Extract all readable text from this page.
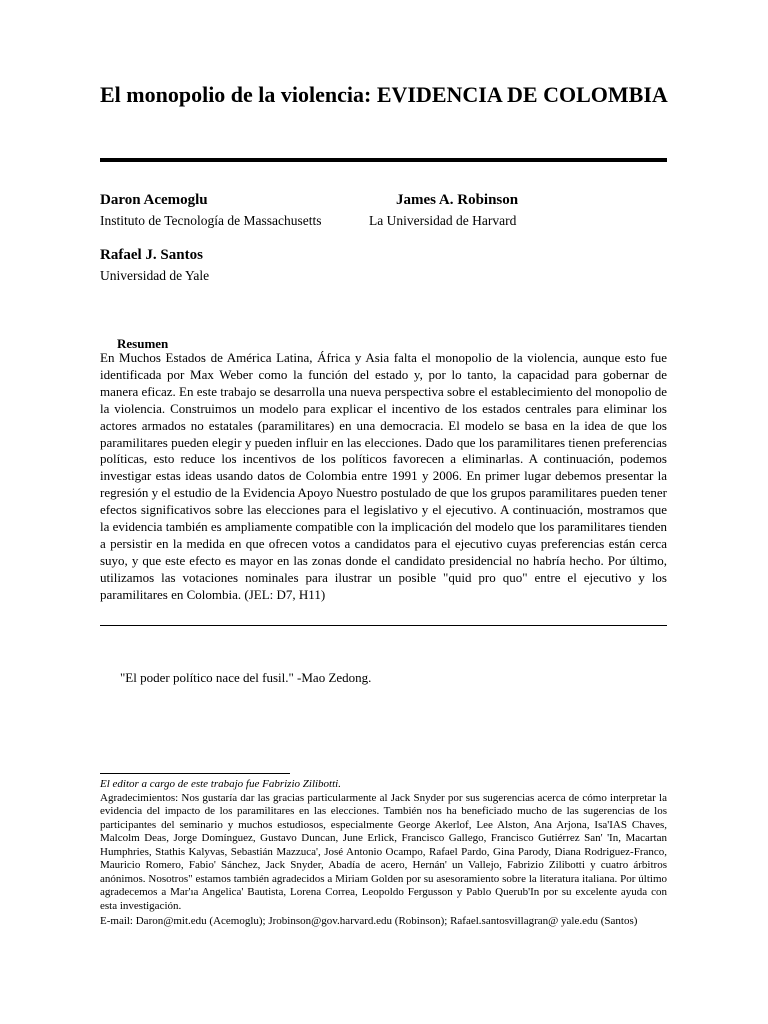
El monopolio de la violencia: EVIDENCIA DE COLOMBIA
Daron Acemoglu	James A. Robinson
Instituto de Tecnología de Massachusetts	La Universidad de Harvard
Rafael J. Santos
Universidad de Yale
Resumen

En Muchos Estados de América Latina, África y Asia falta el monopolio de la violencia, aunque esto fue identificada por Max Weber como la función del estado y, por lo tanto, la capacidad para gobernar de manera eficaz. En este trabajo se desarrolla una nueva perspectiva sobre el establecimiento del monopolio de la violencia. Construimos un modelo para explicar el incentivo de los estados centrales para eliminar los actores armados no estatales (paramilitares) en una democracia. El modelo se basa en la idea de que los paramilitares pueden elegir y pueden influir en las elecciones. Dado que los paramilitares tienen preferencias políticas, esto reduce los incentivos de los políticos favorecen a eliminarlas. A continuación, podemos investigar estas ideas usando datos de Colombia entre 1991 y 2006. En primer lugar debemos presentar la regresión y el estudio de la Evidencia Apoyo Nuestro postulado de que los grupos paramilitares pueden tener efectos significativos sobre las elecciones para el legislativo y el ejecutivo. A continuación, mostramos que la evidencia también es ampliamente compatible con la implicación del modelo que los paramilitares tienden a persistir en la medida en que ofrecen votos a candidatos para el ejecutivo cuyas preferencias están cerca suyo, y que este efecto es mayor en las zonas donde el candidato presidencial no habría hecho. Por último, utilizamos las votaciones nominales para ilustrar un posible "quid pro quo" entre el ejecutivo y los paramilitares en Colombia. (JEL: D7, H11)

"El poder político nace del fusil." -Mao Zedong.

El editor a cargo de este trabajo fue Fabrizio Zilibotti.

Agradecimientos: Nos gustaría dar las gracias particularmente al Jack Snyder por sus sugerencias acerca de cómo interpretar la evidencia del impacto de los paramilitares en las elecciones. También nos ha beneficiado mucho de las sugerencias de los participantes del seminario y muchos estudiosos, especialmente George Akerlof, Lee Alston, Ana Arjona, Isa'IAS Chaves, Malcolm Deas, Jorge Domínguez, Gustavo Duncan, June Erlick, Francisco Gallego, Francisco Gutiérrez San' 'In, Macartan Humphries, Stathis Kalyvas, Sebastián Mazzuca', José Antonio Ocampo, Rafael Pardo, Gina Parody, Diana Rodriguez-Franco, Mauricio Romero, Fabio' Sánchez, Jack Snyder, Abadía de acero, Hernán' un Vallejo, Fabrizio Zilibotti y cuatro árbitros anónimos. Nosotros" estamos también agradecidos a Miriam Golden por su asesoramiento sobre la literatura italiana. Por último agradecemos a Mar'ıa Angelica' Bautista, Lorena Correa, Leopoldo Fergusson y Pablo Querub'In por su excelente ayuda con esta investigación.

E-mail: Daron@mit.edu (Acemoglu); Jrobinson@gov.harvard.edu (Robinson); Rafael.santosvillagran@ yale.edu (Santos)
